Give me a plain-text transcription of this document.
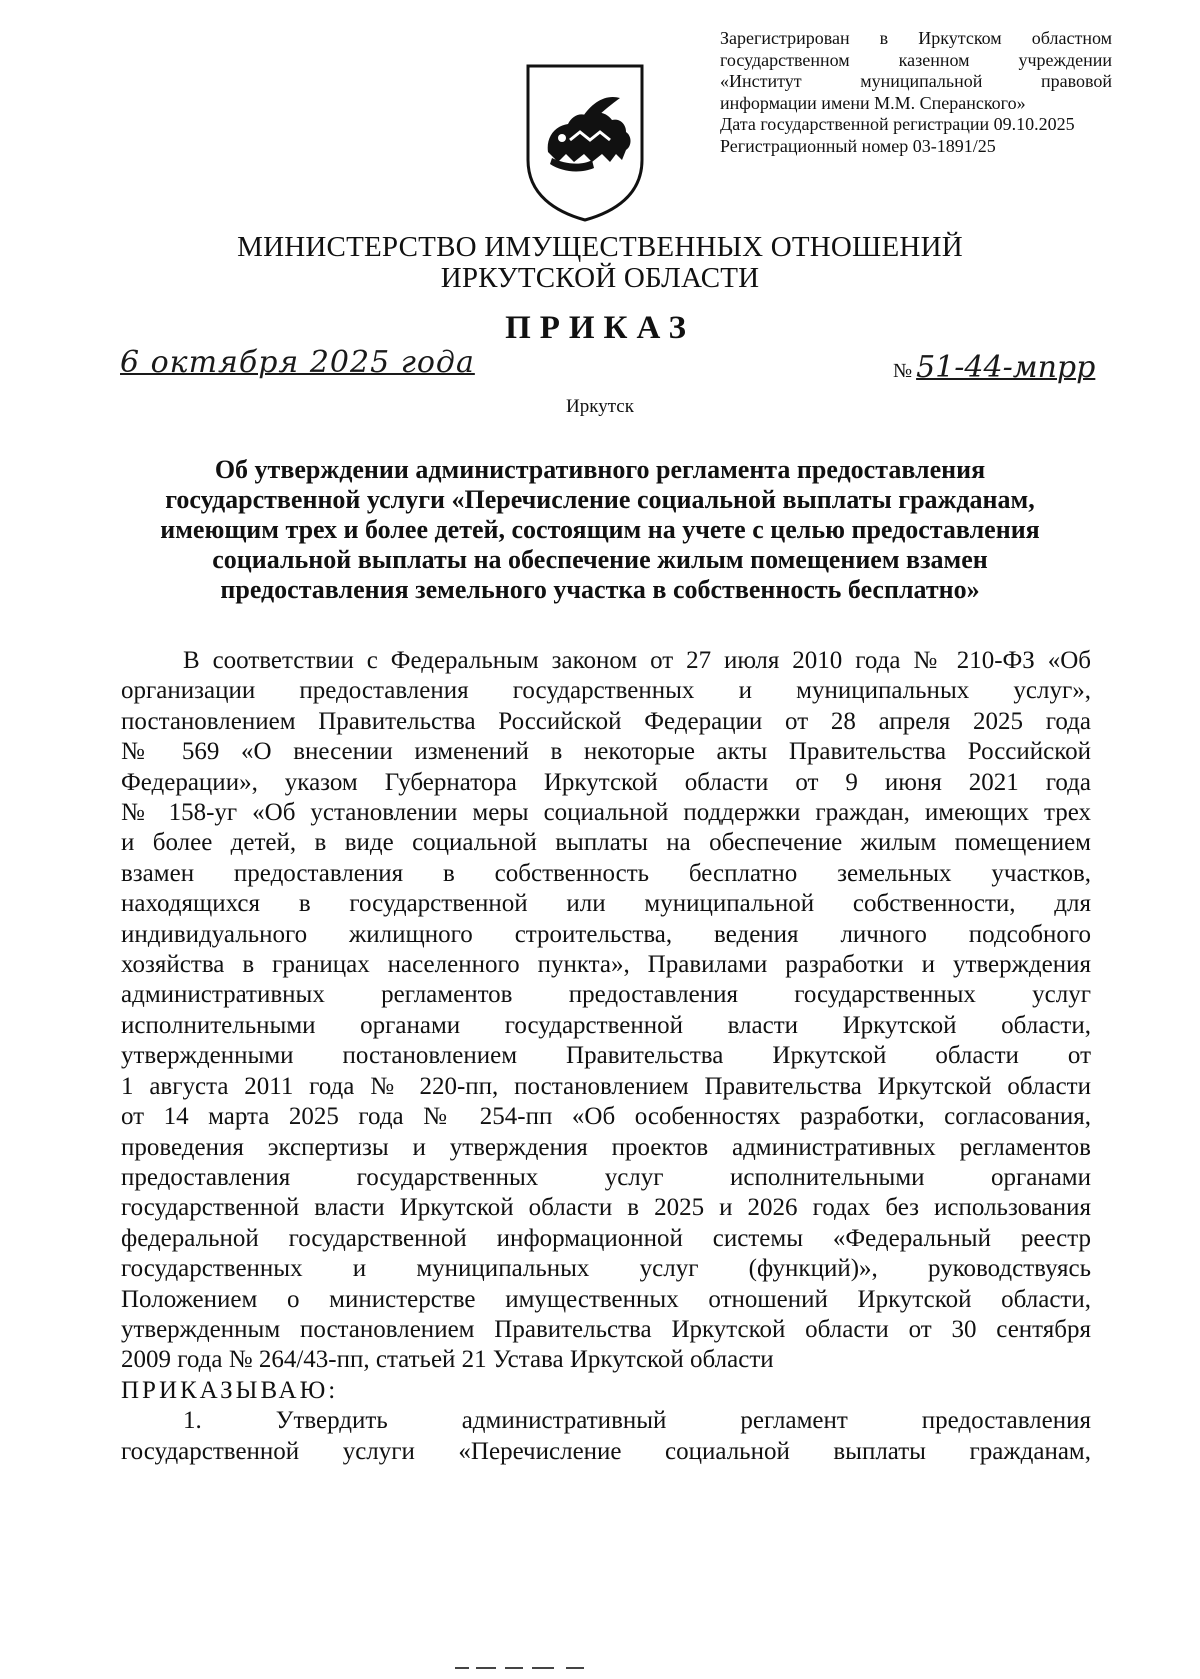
Зарегистрирован в Иркутском областном
государственном казенном учреждении
«Институт муниципальной правовой
информации имени М.М. Сперанского»
Дата государственной регистрации 09.10.2025
Регистрационный номер 03-1891/25
МИНИСТЕРСТВО ИМУЩЕСТВЕННЫХ ОТНОШЕНИЙ
ИРКУТСКОЙ ОБЛАСТИ
ПРИКАЗ
6 октября 2025 года	№ 51-44-мпрр
Иркутск
Об утверждении административного регламента предоставления
государственной услуги «Перечисление социальной выплаты гражданам,
имеющим трех и более детей, состоящим на учете с целью предоставления
социальной выплаты на обеспечение жилым помещением взамен
предоставления земельного участка в собственность бесплатно»
В соответствии с Федеральным законом от 27 июля 2010 года № 210-ФЗ «Об
организации предоставления государственных и муниципальных услуг»,
постановлением Правительства Российской Федерации от 28 апреля 2025 года
№ 569 «О внесении изменений в некоторые акты Правительства Российской
Федерации», указом Губернатора Иркутской области от 9 июня 2021 года
№ 158-уг «Об установлении меры социальной поддержки граждан, имеющих трех
и более детей, в виде социальной выплаты на обеспечение жилым помещением
взамен предоставления в собственность бесплатно земельных участков,
находящихся в государственной или муниципальной собственности, для
индивидуального жилищного строительства, ведения личного подсобного
хозяйства в границах населенного пункта», Правилами разработки и утверждения
административных регламентов предоставления государственных услуг
исполнительными органами государственной власти Иркутской области,
утвержденными постановлением Правительства Иркутской области от
1 августа 2011 года № 220-пп, постановлением Правительства Иркутской области
от 14 марта 2025 года № 254-пп «Об особенностях разработки, согласования,
проведения экспертизы и утверждения проектов административных регламентов
предоставления государственных услуг исполнительными органами
государственной власти Иркутской области в 2025 и 2026 годах без использования
федеральной государственной информационной системы «Федеральный реестр
государственных и муниципальных услуг (функций)», руководствуясь
Положением о министерстве имущественных отношений Иркутской области,
утвержденным постановлением Правительства Иркутской области от 30 сентября
2009 года № 264/43-пп, статьей 21 Устава Иркутской области
ПРИКАЗЫВАЮ:
1. Утвердить административный регламент предоставления
государственной услуги «Перечисление социальной выплаты гражданам,
